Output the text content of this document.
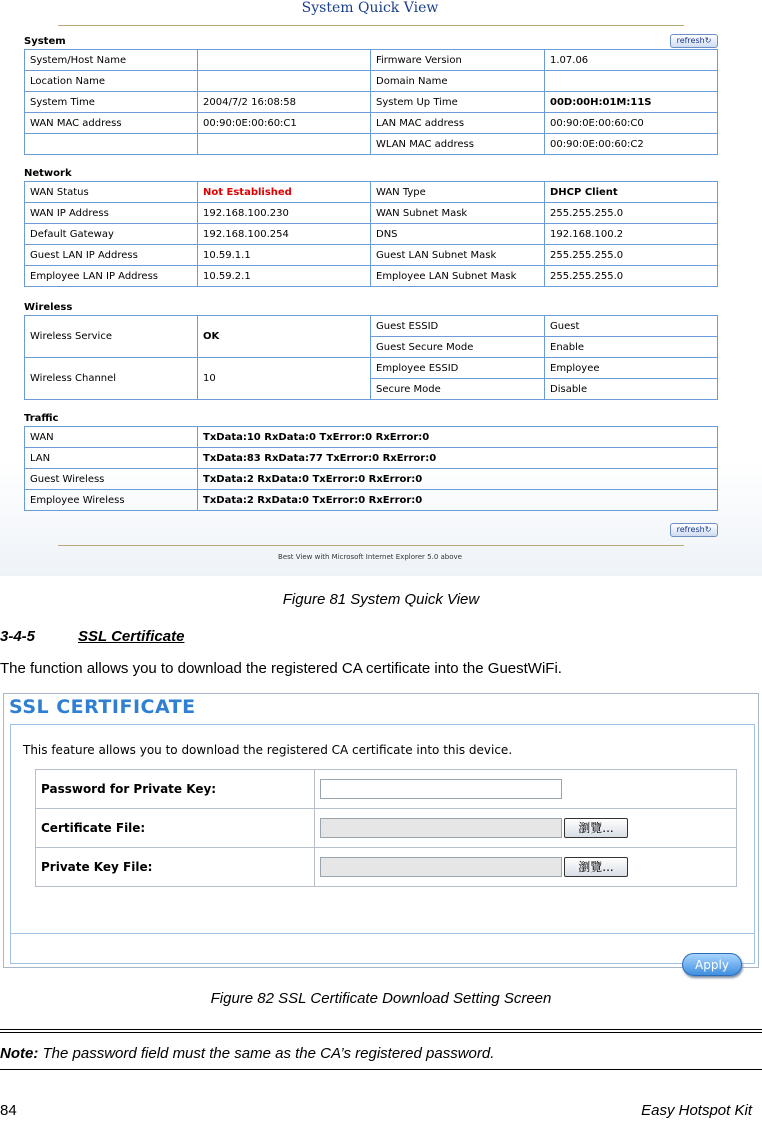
System Quick View
refresh↻
System
System/Host Name		Firmware Version	1.07.06
Location Name		Domain Name	
System Time	2004/7/2 16:08:58	System Up Time	00D:00H:01M:11S
WAN MAC address	00:90:0E:00:60:C1	LAN MAC address	00:90:0E:00:60:C0
		WLAN MAC address	00:90:0E:00:60:C2
Network
WAN Status	Not Established	WAN Type	DHCP Client
WAN IP Address	192.168.100.230	WAN Subnet Mask	255.255.255.0
Default Gateway	192.168.100.254	DNS	192.168.100.2
Guest LAN IP Address	10.59.1.1	Guest LAN Subnet Mask	255.255.255.0
Employee LAN IP Address	10.59.2.1	Employee LAN Subnet Mask	255.255.255.0
Wireless
Wireless Service	OK	Guest ESSID	Guest
		Guest Secure Mode	Enable
Wireless Channel	10	Employee ESSID	Employee
		Secure Mode	Disable
Traffic
WAN	TxData:10 RxData:0 TxError:0 RxError:0
LAN	TxData:83 RxData:77 TxError:0 RxError:0
Guest Wireless	TxData:2 RxData:0 TxError:0 RxError:0
Employee Wireless	TxData:2 RxData:0 TxError:0 RxError:0
refresh↻
Best View with Microsoft Internet Explorer 5.0 above
Figure 81 System Quick View
3-4-5	SSL Certificate
The function allows you to download the registered CA certificate into the GuestWiFi.
SSL CERTIFICATE
This feature allows you to download the registered CA certificate into this device.
Password for Private Key:	
Certificate File:	瀏覽...
Private Key File:	瀏覽...
Apply
Figure 82 SSL Certificate Download Setting Screen
Note: The password field must the same as the CA’s registered password.
84	Easy Hotspot Kit
